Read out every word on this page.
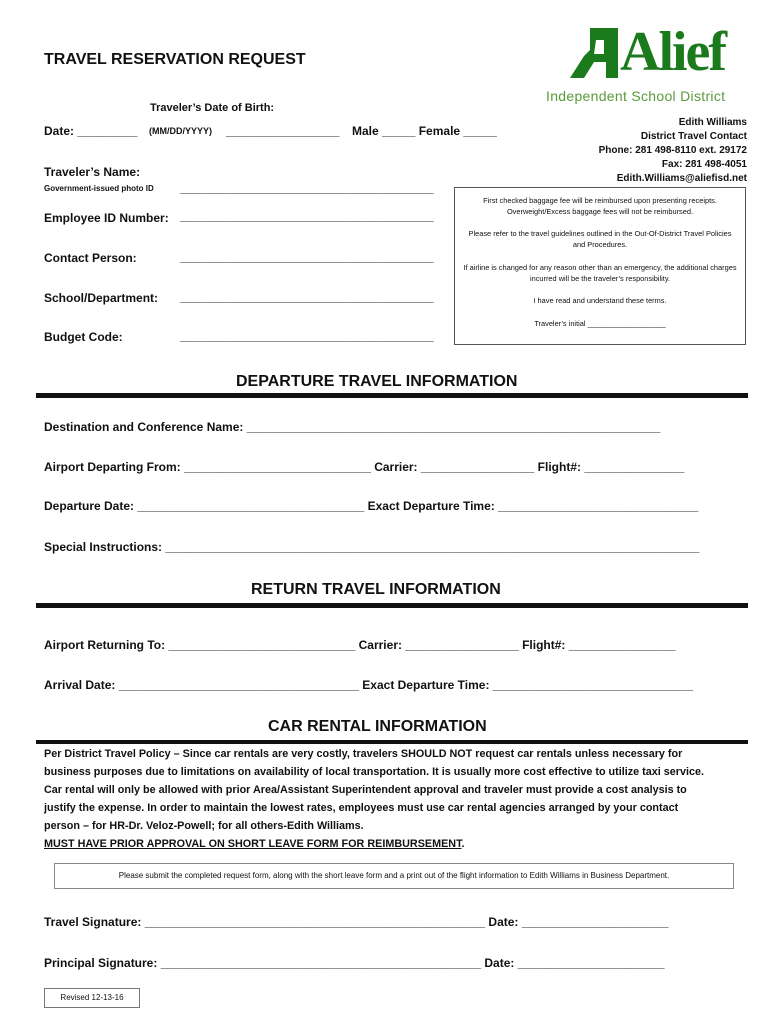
TRAVEL RESERVATION REQUEST	Alief
Independent School District
Edith Williams
District Travel Contact
Phone: 281 498-8110 ext. 29172
Fax: 281 498-4051
Edith.Williams@aliefisd.net
Traveler’s Date of Birth:
Date: _________ (MM/DD/YYYY) _________________ Male _____ Female _____
Traveler’s Name:
Government-issued photo ID ______________________________________
Employee ID Number: ______________________________________
Contact Person:	______________________________________
School/Department: ______________________________________
Budget Code:	______________________________________

First checked baggage fee will be reimbursed upon presenting receipts. Overweight/Excess baggage fees will not be reimbursed.

Please refer to the travel guidelines outlined in the Out-Of-District Travel Policies and Procedures.

If airline is changed for any reason other than an emergency, the additional charges incurred will be the traveler’s responsibility.

I have read and understand these terms.

Traveler’s initial ___________________

DEPARTURE TRAVEL INFORMATION
Destination and Conference Name: ______________________________________________________________
Airport Departing From: ____________________________ Carrier: _________________ Flight#: _______________
Departure Date: __________________________________ Exact Departure Time: ______________________________
Special Instructions: ________________________________________________________________________________
RETURN TRAVEL INFORMATION
Airport Returning To: ____________________________ Carrier: _________________ Flight#: ________________
Arrival Date: ____________________________________ Exact Departure Time: ______________________________
CAR RENTAL INFORMATION
Per District Travel Policy – Since car rentals are very costly, travelers SHOULD NOT request car rentals unless necessary for
business purposes due to limitations on availability of local transportation. It is usually more cost effective to utilize taxi service.
Car rental will only be allowed with prior Area/Assistant Superintendent approval and traveler must provide a cost analysis to
justify the expense. In order to maintain the lowest rates, employees must use car rental agencies arranged by your contact
person – for HR-Dr. Veloz-Powell; for all others-Edith Williams.
MUST HAVE PRIOR APPROVAL ON SHORT LEAVE FORM FOR REIMBURSEMENT.
Please submit the completed request form, along with the short leave form and a print out of the flight information to Edith Williams in Business Department.
Travel Signature: ___________________________________________________ Date: ______________________
Principal Signature: ________________________________________________ Date: ______________________
Revised 12-13-16
